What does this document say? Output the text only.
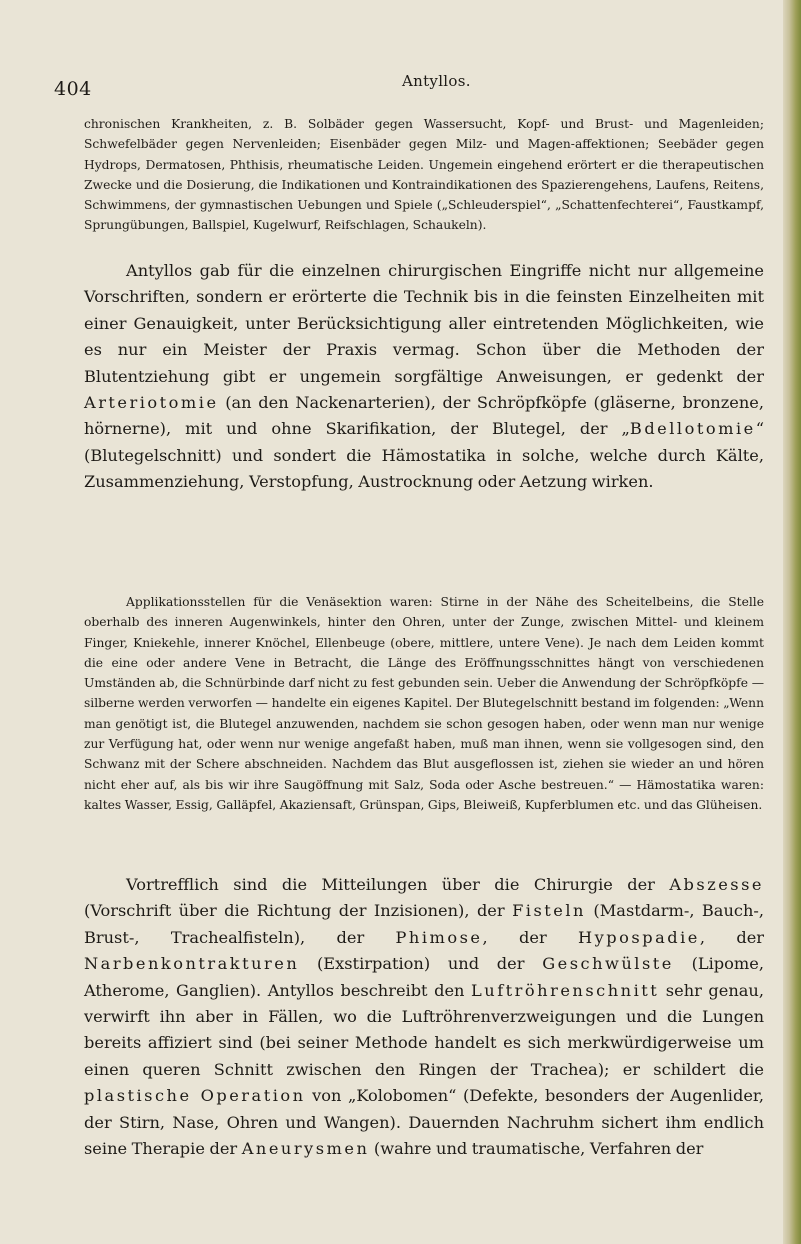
404	Antyllos.

chronischen Krankheiten, z. B. Solbäder gegen Wassersucht, Kopf- und Brust- und Magenleiden; Schwefelbäder gegen Nervenleiden; Eisenbäder gegen Milz- und Magen-affektionen; Seebäder gegen Hydrops, Dermatosen, Phthisis, rheumatische Leiden. Ungemein eingehend erörtert er die therapeutischen Zwecke und die Dosierung, die Indikationen und Kontraindikationen des Spazierengehens, Laufens, Reitens, Schwimmens, der gymnastischen Uebungen und Spiele („Schleuderspiel“, „Schattenfechterei“, Faustkampf, Sprungübungen, Ballspiel, Kugelwurf, Reifschlagen, Schaukeln).

Antyllos gab für die einzelnen chirurgischen Eingriffe nicht nur allgemeine Vorschriften, sondern er erörterte die Technik bis in die feinsten Einzelheiten mit einer Genauigkeit, unter Berücksichtigung aller eintretenden Möglichkeiten, wie es nur ein Meister der Praxis vermag. Schon über die Methoden der Blutentziehung gibt er ungemein sorgfältige Anweisungen, er gedenkt der Arteriotomie (an den Nackenarterien), der Schröpfköpfe (gläserne, bronzene, hörnerne), mit und ohne Skarifikation, der Blutegel, der „Bdellotomie“ (Blutegelschnitt) und sondert die Hämostatika in solche, welche durch Kälte, Zusammenziehung, Verstopfung, Austrocknung oder Aetzung wirken.

Applikationsstellen für die Venäsektion waren: Stirne in der Nähe des Scheitelbeins, die Stelle oberhalb des inneren Augenwinkels, hinter den Ohren, unter der Zunge, zwischen Mittel- und kleinem Finger, Kniekehle, innerer Knöchel, Ellenbeuge (obere, mittlere, untere Vene). Je nach dem Leiden kommt die eine oder andere Vene in Betracht, die Länge des Eröffnungsschnittes hängt von verschiedenen Umständen ab, die Schnürbinde darf nicht zu fest gebunden sein. Ueber die Anwendung der Schröpfköpfe — silberne werden verworfen — handelte ein eigenes Kapitel. Der Blutegelschnitt bestand im folgenden: „Wenn man genötigt ist, die Blutegel anzuwenden, nachdem sie schon gesogen haben, oder wenn man nur wenige zur Verfügung hat, oder wenn nur wenige angefaßt haben, muß man ihnen, wenn sie vollgesogen sind, den Schwanz mit der Schere abschneiden. Nachdem das Blut ausgeflossen ist, ziehen sie wieder an und hören nicht eher auf, als bis wir ihre Saugöffnung mit Salz, Soda oder Asche bestreuen.“ — Hämostatika waren: kaltes Wasser, Essig, Galläpfel, Akaziensaft, Grünspan, Gips, Bleiweiß, Kupferblumen etc. und das Glüheisen.

Vortrefflich sind die Mitteilungen über die Chirurgie der Abszesse (Vorschrift über die Richtung der Inzisionen), der Fisteln (Mastdarm-, Bauch-, Brust-, Trachealfisteln), der Phimose, der Hypospadie, der Narbenkontrakturen (Exstirpation) und der Geschwülste (Lipome, Atherome, Ganglien). Antyllos beschreibt den Luftröhrenschnitt sehr genau, verwirft ihn aber in Fällen, wo die Luftröhrenverzweigungen und die Lungen bereits affiziert sind (bei seiner Methode handelt es sich merkwürdigerweise um einen queren Schnitt zwischen den Ringen der Trachea); er schildert die plastische Operation von „Kolobomen“ (Defekte, besonders der Augenlider, der Stirn, Nase, Ohren und Wangen). Dauernden Nachruhm sichert ihm endlich seine Therapie der Aneurysmen (wahre und traumatische, Verfahren der
